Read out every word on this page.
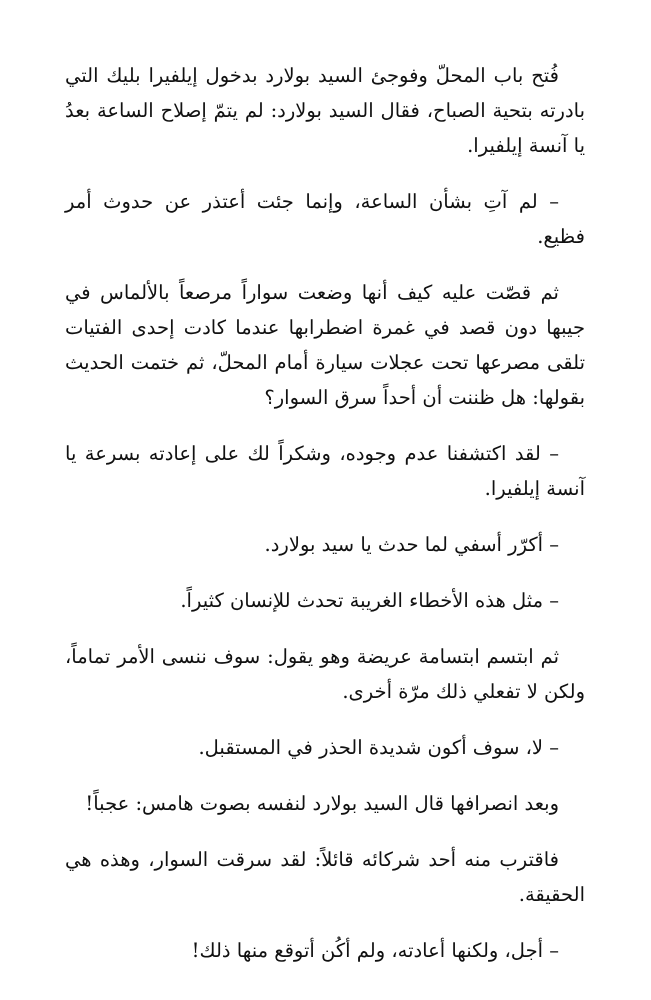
فُتح باب المحلّ وفوجئ السيد بولارد بدخول إيلفيرا بليك التي بادرته بتحية الصباح، فقال السيد بولارد: لم يتمّ إصلاح الساعة بعدُ يا آنسة إيلفيرا.

– لم آتِ بشأن الساعة، وإنما جئت أعتذر عن حدوث أمر فظيع.

ثم قصّت عليه كيف أنها وضعت سواراً مرصعاً بالألماس في جيبها دون قصد في غمرة اضطرابها عندما كادت إحدى الفتيات تلقى مصرعها تحت عجلات سيارة أمام المحلّ، ثم ختمت الحديث بقولها: هل ظننت أن أحداً سرق السوار؟

– لقد اكتشفنا عدم وجوده، وشكراً لك على إعادته بسرعة يا آنسة إيلفيرا.

– أكرّر أسفي لما حدث يا سيد بولارد.

– مثل هذه الأخطاء الغريبة تحدث للإنسان كثيراً.

ثم ابتسم ابتسامة عريضة وهو يقول: سوف ننسى الأمر تماماً، ولكن لا تفعلي ذلك مرّة أخرى.

– لا، سوف أكون شديدة الحذر في المستقبل.

وبعد انصرافها قال السيد بولارد لنفسه بصوت هامس: عجباً!

فاقترب منه أحد شركائه قائلاً: لقد سرقت السوار، وهذه هي الحقيقة.

– أجل، ولكنها أعادته، ولم أكُن أتوقع منها ذلك!
